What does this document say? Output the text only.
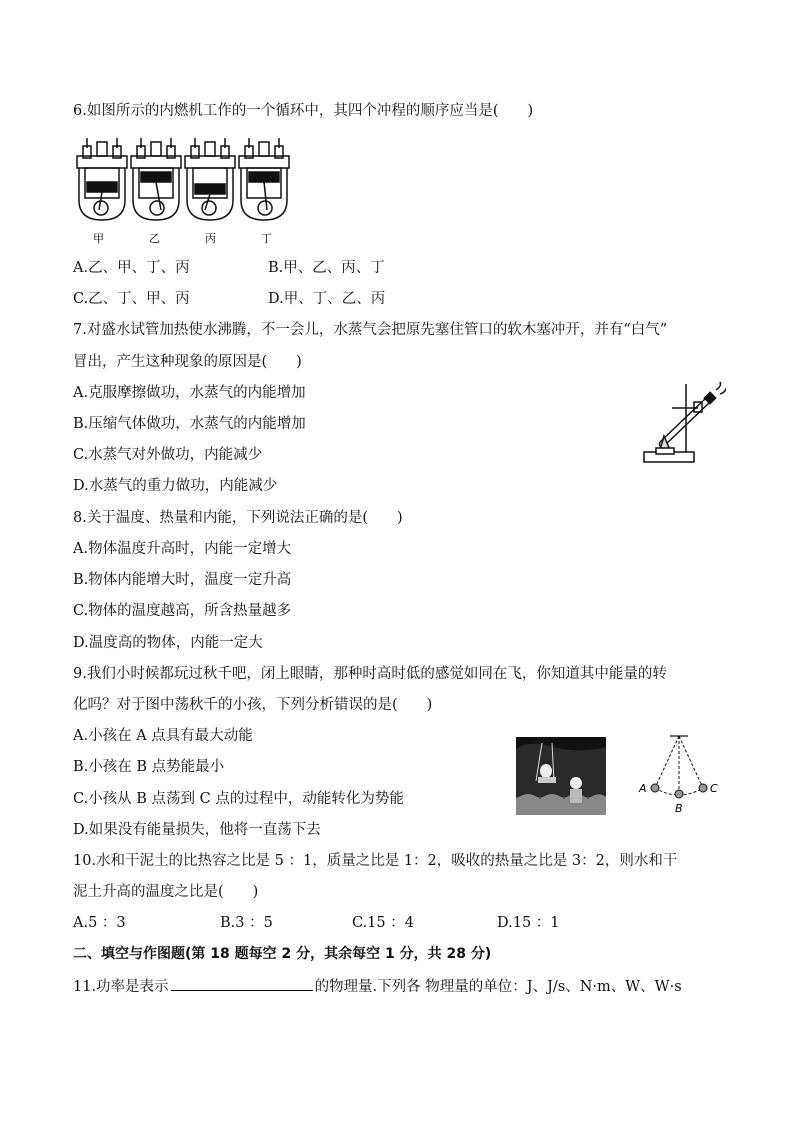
6.如图所示的内燃机工作的一个循环中，其四个冲程的顺序应当是(　　)
甲	乙	丙	丁
A.乙、甲、丁、丙	B.甲、乙、丙、丁
C.乙、丁、甲、丙	D.甲、丁、乙、丙
7.对盛水试管加热使水沸腾，不一会儿，水蒸气会把原先塞住管口的软木塞冲开，并有“白气”
冒出，产生这种现象的原因是(　　)
A.克服摩擦做功，水蒸气的内能增加
B.压缩气体做功，水蒸气的内能增加
C.水蒸气对外做功，内能减少
D.水蒸气的重力做功，内能减少
8.关于温度、热量和内能，下列说法正确的是(　　)
A.物体温度升高时，内能一定增大
B.物体内能增大时，温度一定升高
C.物体的温度越高，所含热量越多
D.温度高的物体，内能一定大
9.我们小时候都玩过秋千吧，闭上眼睛，那种时高时低的感觉如同在飞，你知道其中能量的转
化吗？对于图中荡秋千的小孩，下列分析错误的是(　　)
A.小孩在 A 点具有最大动能
B.小孩在 B 点势能最小
C.小孩从 B 点荡到 C 点的过程中，动能转化为势能
D.如果没有能量损失，他将一直荡下去
A
B
C
10.水和干泥土的比热容之比是 5 ：1，质量之比是 1：2，吸收的热量之比是 3：2，则水和干
泥土升高的温度之比是(　　)
A.5 ：3	B.3 ：5	C.15 ：4	D.15 ：1
二、填空与作图题(第 18 题每空 2 分，其余每空 1 分，共 28 分)
11.功率是表示	的物理量.下列各 物理量的单位：J、J/s、N·m、W、W·s
